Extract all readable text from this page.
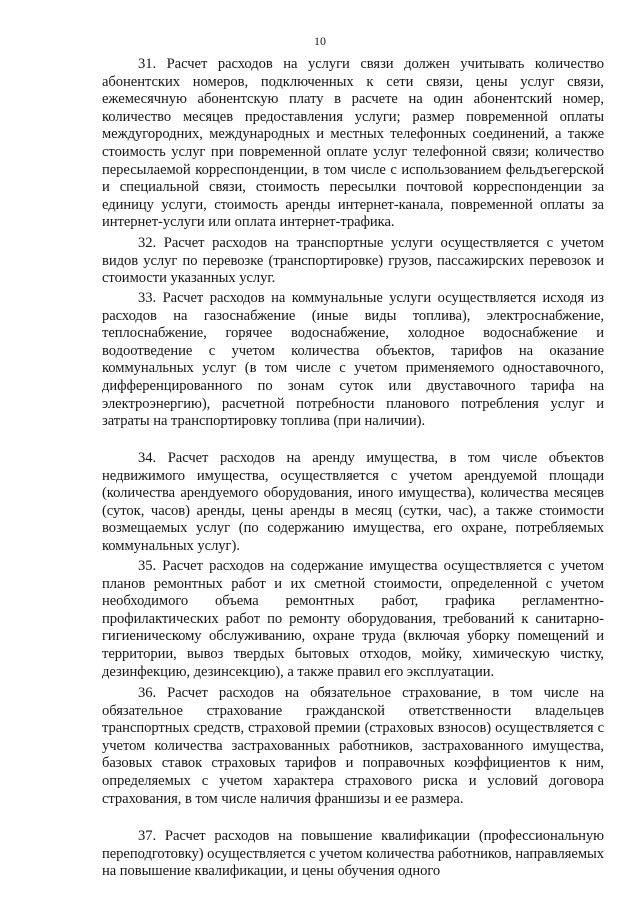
10

31. Расчет расходов на услуги связи должен учитывать количество абонентских номеров, подключенных к сети связи, цены услуг связи, ежемесячную абонентскую плату в расчете на один абонентский номер, количество месяцев предоставления услуги; размер повременной оплаты междугородних, международных и местных телефонных соединений, а также стоимость услуг при повременной оплате услуг телефонной связи; количество пересылаемой корреспонденции, в том числе с использованием фельдъегерской и специальной связи, стоимость пересылки почтовой корреспонденции за единицу услуги, стоимость аренды интернет-канала, повременной оплаты за интернет-услуги или оплата интернет-трафика.

32. Расчет расходов на транспортные услуги осуществляется с учетом видов услуг по перевозке (транспортировке) грузов, пассажирских перевозок и стоимости указанных услуг.

33. Расчет расходов на коммунальные услуги осуществляется исходя из расходов на газоснабжение (иные виды топлива), электроснабжение, теплоснабжение, горячее водоснабжение, холодное водоснабжение и водоотведение с учетом количества объектов, тарифов на оказание коммунальных услуг (в том числе с учетом применяемого одноставочного, дифференцированного по зонам суток или двуставочного тарифа на электроэнергию), расчетной потребности планового потребления услуг и затраты на транспортировку топлива (при наличии).

34. Расчет расходов на аренду имущества, в том числе объектов недвижимого имущества, осуществляется с учетом арендуемой площади (количества арендуемого оборудования, иного имущества), количества месяцев (суток, часов) аренды, цены аренды в месяц (сутки, час), а также стоимости возмещаемых услуг (по содержанию имущества, его охране, потребляемых коммунальных услуг).

35. Расчет расходов на содержание имущества осуществляется с учетом планов ремонтных работ и их сметной стоимости, определенной с учетом необходимого объема ремонтных работ, графика регламентно-профилактических работ по ремонту оборудования, требований к санитарно-гигиеническому обслуживанию, охране труда (включая уборку помещений и территории, вывоз твердых бытовых отходов, мойку, химическую чистку, дезинфекцию, дезинсекцию), а также правил его эксплуатации.

36. Расчет расходов на обязательное страхование, в том числе на обязательное страхование гражданской ответственности владельцев транспортных средств, страховой премии (страховых взносов) осуществляется с учетом количества застрахованных работников, застрахованного имущества, базовых ставок страховых тарифов и поправочных коэффициентов к ним, определяемых с учетом характера страхового риска и условий договора страхования, в том числе наличия франшизы и ее размера.

37. Расчет расходов на повышение квалификации (профессиональную переподготовку) осуществляется с учетом количества работников, направляемых на повышение квалификации, и цены обучения одного
